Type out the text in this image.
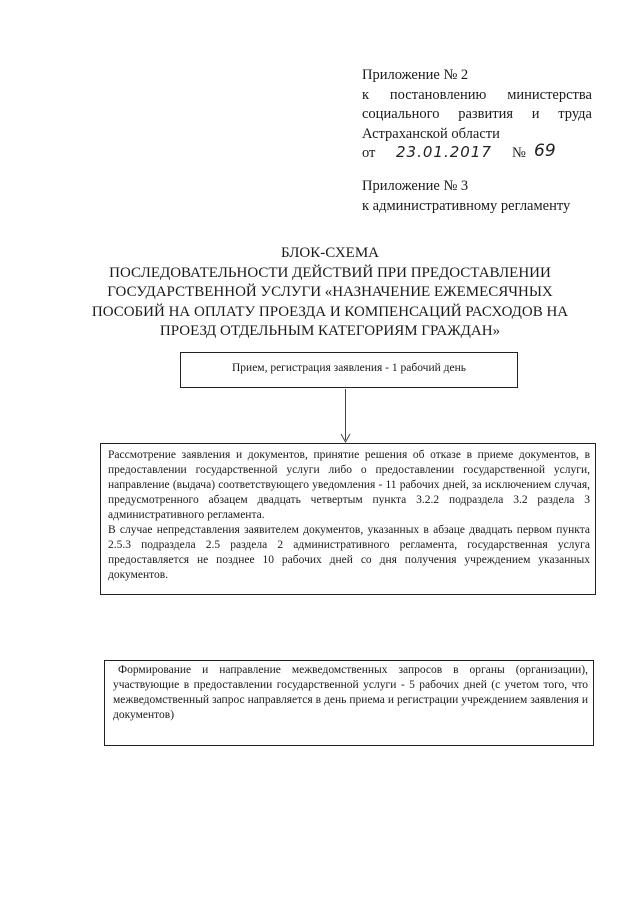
Приложение № 2
к постановлению министерства
социального развития и труда
Астраханской области
от 23.01.2017 № 69
Приложение № 3
к административному регламенту
БЛОК-СХЕМА
ПОСЛЕДОВАТЕЛЬНОСТИ ДЕЙСТВИЙ ПРИ ПРЕДОСТАВЛЕНИИ
ГОСУДАРСТВЕННОЙ УСЛУГИ «НАЗНАЧЕНИЕ ЕЖЕМЕСЯЧНЫХ
ПОСОБИЙ НА ОПЛАТУ ПРОЕЗДА И КОМПЕНСАЦИЙ РАСХОДОВ НА
ПРОЕЗД ОТДЕЛЬНЫМ КАТЕГОРИЯМ ГРАЖДАН»
Прием, регистрация заявления - 1 рабочий день

Рассмотрение заявления и документов, принятие решения об отказе в приеме документов, в предоставлении государственной услуги либо о предоставлении государственной услуги, направление (выдача) соответствующего уведомления - 11 рабочих дней, за исключением случая, предусмотренного абзацем двадцать четвертым пункта 3.2.2 подраздела 3.2 раздела 3 административного регламента.

В случае непредставления заявителем документов, указанных в абзаце двадцать первом пункта 2.5.3 подраздела 2.5 раздела 2 административного регламента, государственная услуга предоставляется не позднее 10 рабочих дней со дня получения учреждением указанных документов.

Формирование и направление межведомственных запросов в органы (организации), участвующие в предоставлении государственной услуги - 5 рабочих дней (с учетом того, что межведомственный запрос направляется в день приема и регистрации учреждением заявления и документов)
